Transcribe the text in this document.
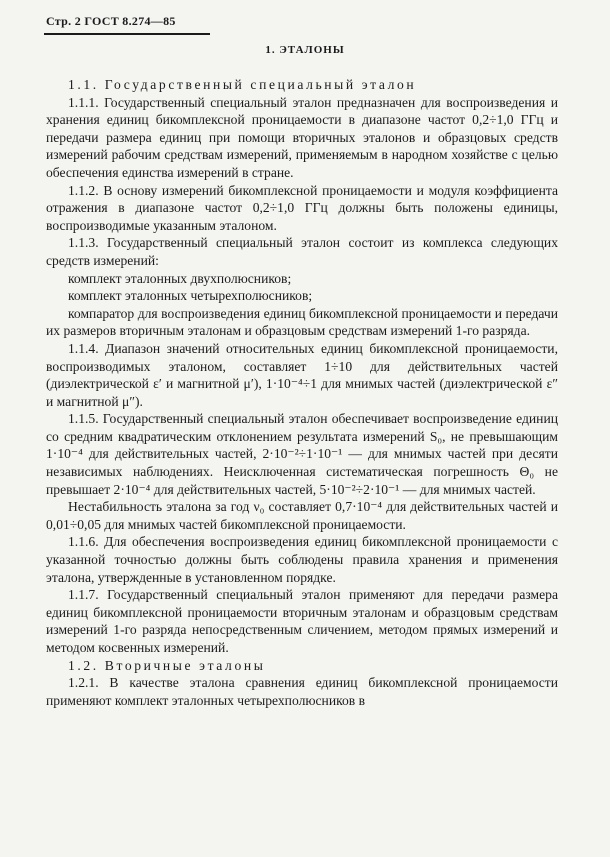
Стр. 2 ГОСТ 8.274—85
1. ЭТАЛОНЫ

1.1. Государственный специальный эталон

1.1.1. Государственный специальный эталон предназначен для воспроизведения и хранения единиц бикомплексной проницаемости в диапазоне частот 0,2÷1,0 ГГц и передачи размера единиц при помощи вторичных эталонов и образцовых средств измерений рабочим средствам измерений, применяемым в народном хозяйстве с целью обеспечения единства измерений в стране.

1.1.2. В основу измерений бикомплексной проницаемости и модуля коэффициента отражения в диапазоне частот 0,2÷1,0 ГГц должны быть положены единицы, воспроизводимые указанным эталоном.

1.1.3. Государственный специальный эталон состоит из комплекса следующих средств измерений:

комплект эталонных двухполюсников;

комплект эталонных четырехполюсников;

компаратор для воспроизведения единиц бикомплексной проницаемости и передачи их размеров вторичным эталонам и образцовым средствам измерений 1-го разряда.

1.1.4. Диапазон значений относительных единиц бикомплексной проницаемости, воспроизводимых эталоном, составляет 1÷10 для действительных частей (диэлектрической ε′ и магнитной μ′), 1·10⁻⁴÷1 для мнимых частей (диэлектрической ε″ и магнитной μ″).

1.1.5. Государственный специальный эталон обеспечивает воспроизведение единиц со средним квадратическим отклонением результата измерений S₀, не превышающим 1·10⁻⁴ для действительных частей, 2·10⁻²÷1·10⁻¹ — для мнимых частей при десяти независимых наблюдениях. Неисключенная систематическая погрешность Θ₀ не превышает 2·10⁻⁴ для действительных частей, 5·10⁻²÷2·10⁻¹ — для мнимых частей.

Нестабильность эталона за год ν₀ составляет 0,7·10⁻⁴ для действительных частей и 0,01÷0,05 для мнимых частей бикомплексной проницаемости.

1.1.6. Для обеспечения воспроизведения единиц бикомплексной проницаемости с указанной точностью должны быть соблюдены правила хранения и применения эталона, утвержденные в установленном порядке.

1.1.7. Государственный специальный эталон применяют для передачи размера единиц бикомплексной проницаемости вторичным эталонам и образцовым средствам измерений 1-го разряда непосредственным сличением, методом прямых измерений и методом косвенных измерений.

1.2. Вторичные эталоны

1.2.1. В качестве эталона сравнения единиц бикомплексной проницаемости применяют комплект эталонных четырехполюсников в
